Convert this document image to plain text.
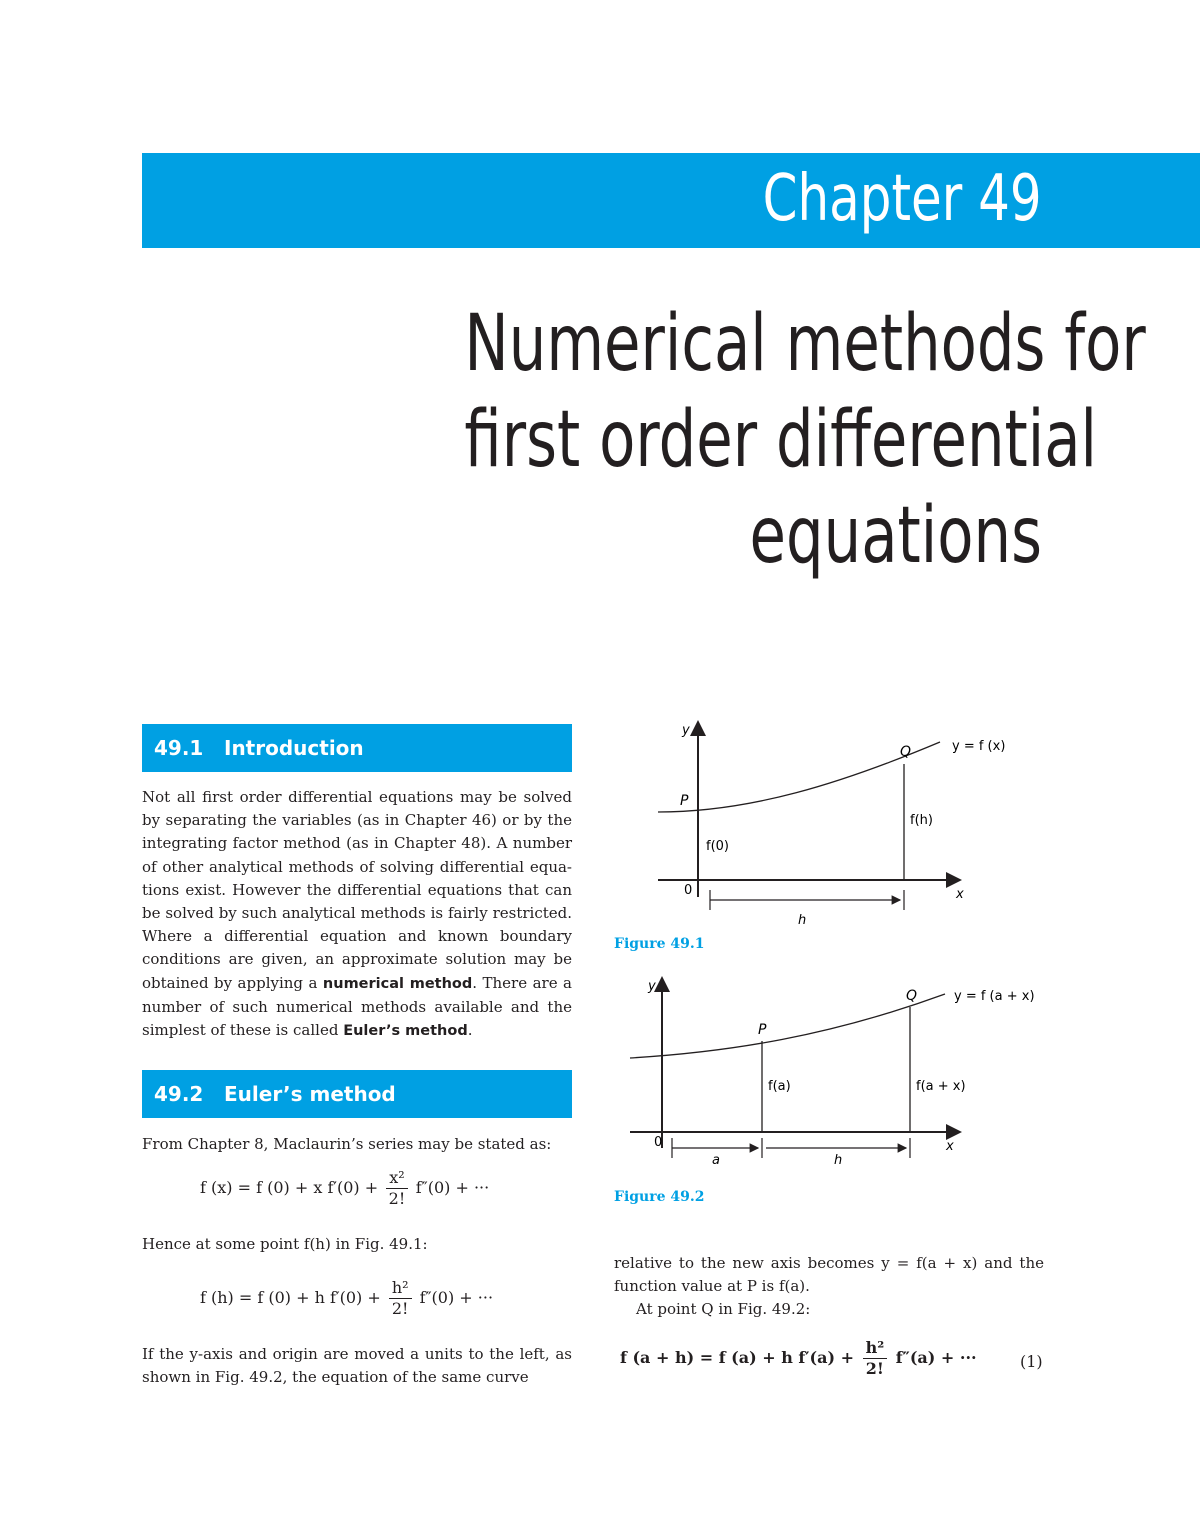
Chapter 49
Numerical methods for
first order differential
equations
49.1 Introduction
Not all first order differential equations may be solved by separating the variables (as in Chapter 46) or by the integrating factor method (as in Chapter 48). A number of other analytical methods of solving differential equa-tions exist. However the differential equations that can be solved by such analytical methods is fairly restricted. Where a differential equation and known boundary conditions are given, an approximate solution may be obtained by applying a numerical method. There are a number of such numerical methods available and the simplest of these is called Euler’s method.
49.2 Euler’s method
From Chapter 8, Maclaurin’s series may be stated as:
f (x) = f (0) + x $f'(0) + \frac{\text{x²}}{2!} f''(0)$ + ···
Hence at some point f(h) in Fig. 49.1:
f (h) = f (0) + h $f'(0) + \frac{\text{h²}}{2!} f''(0)$ + ···
If the y-axis and origin are moved a units to the left, as shown in Fig. 49.2, the equation of the same curve
y
x
0
P
Q	y = f (x)
f(0)
f(h)
h
Figure 49.1
y
x
0
P
Q	y = f (a + x)
f(a)	f(a + x)
a	h
Figure 49.2
relative to the new axis becomes y = f(a + x) and the function value at P is f(a).
At point Q in Fig. 49.2:
f (a + h) = f (a) + h $f'(a) + \frac{\text{h²}}{2!} f''(a)$ + ···	(1)
